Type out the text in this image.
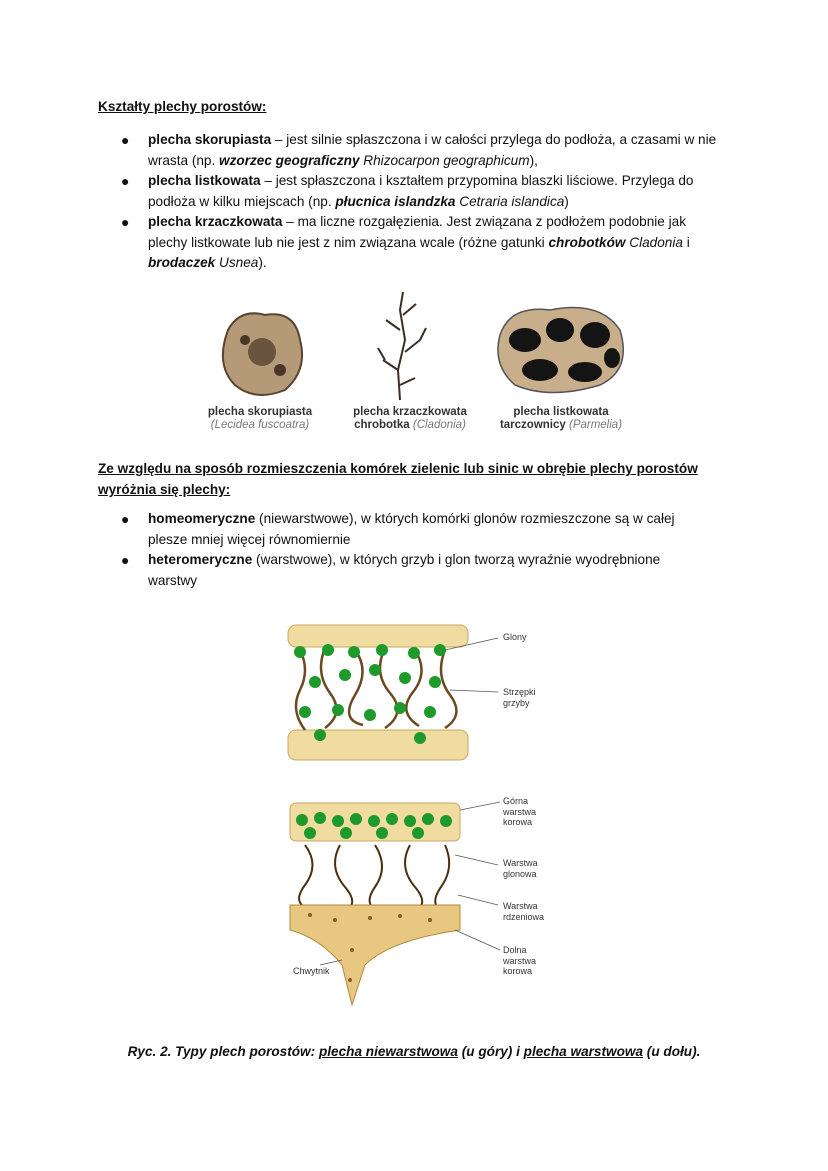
Kształty plechy porostów:
● plecha skorupiasta – jest silnie spłaszczona i w całości przylega do podłoża, a czasami w nie
wrasta (np. wzorzec geograficzny Rhizocarpon geographicum),
● plecha listkowata – jest spłaszczona i kształtem przypomina blaszki liściowe. Przylega do
podłoża w kilku miejscach (np. płucnica islandzka Cetraria islandica)
● plecha krzaczkowata – ma liczne rozgałęzienia. Jest związana z podłożem podobnie jak
plechy listkowate lub nie jest z nim związana wcale (różne gatunki chrobotków Cladonia i
brodaczek Usnea).
plecha skorupiasta
(Lecidea fuscoatra)
plecha krzaczkowata
chrobotka (Cladonia)
plecha listkowata
tarczownicy (Parmelia)
Ze względu na sposób rozmieszczenia komórek zielenic lub sinic w obrębie plechy porostów
wyróżnia się plechy:
● homeomeryczne (niewarstwowe), w których komórki glonów rozmieszczone są w całej
plesze mniej więcej równomiernie
● heteromeryczne (warstwowe), w których grzyb i glon tworzą wyraźnie wyodrębnione
warstwy
Glony
Strzępki grzyby
Górna warstwa korowa
Warstwa glonowa
Warstwa rdzeniowa
Dolna warstwa korowa
Chwytnik
Ryc. 2. Typy plech porostów: plecha niewarstwowa (u góry) i plecha warstwowa (u dołu).
